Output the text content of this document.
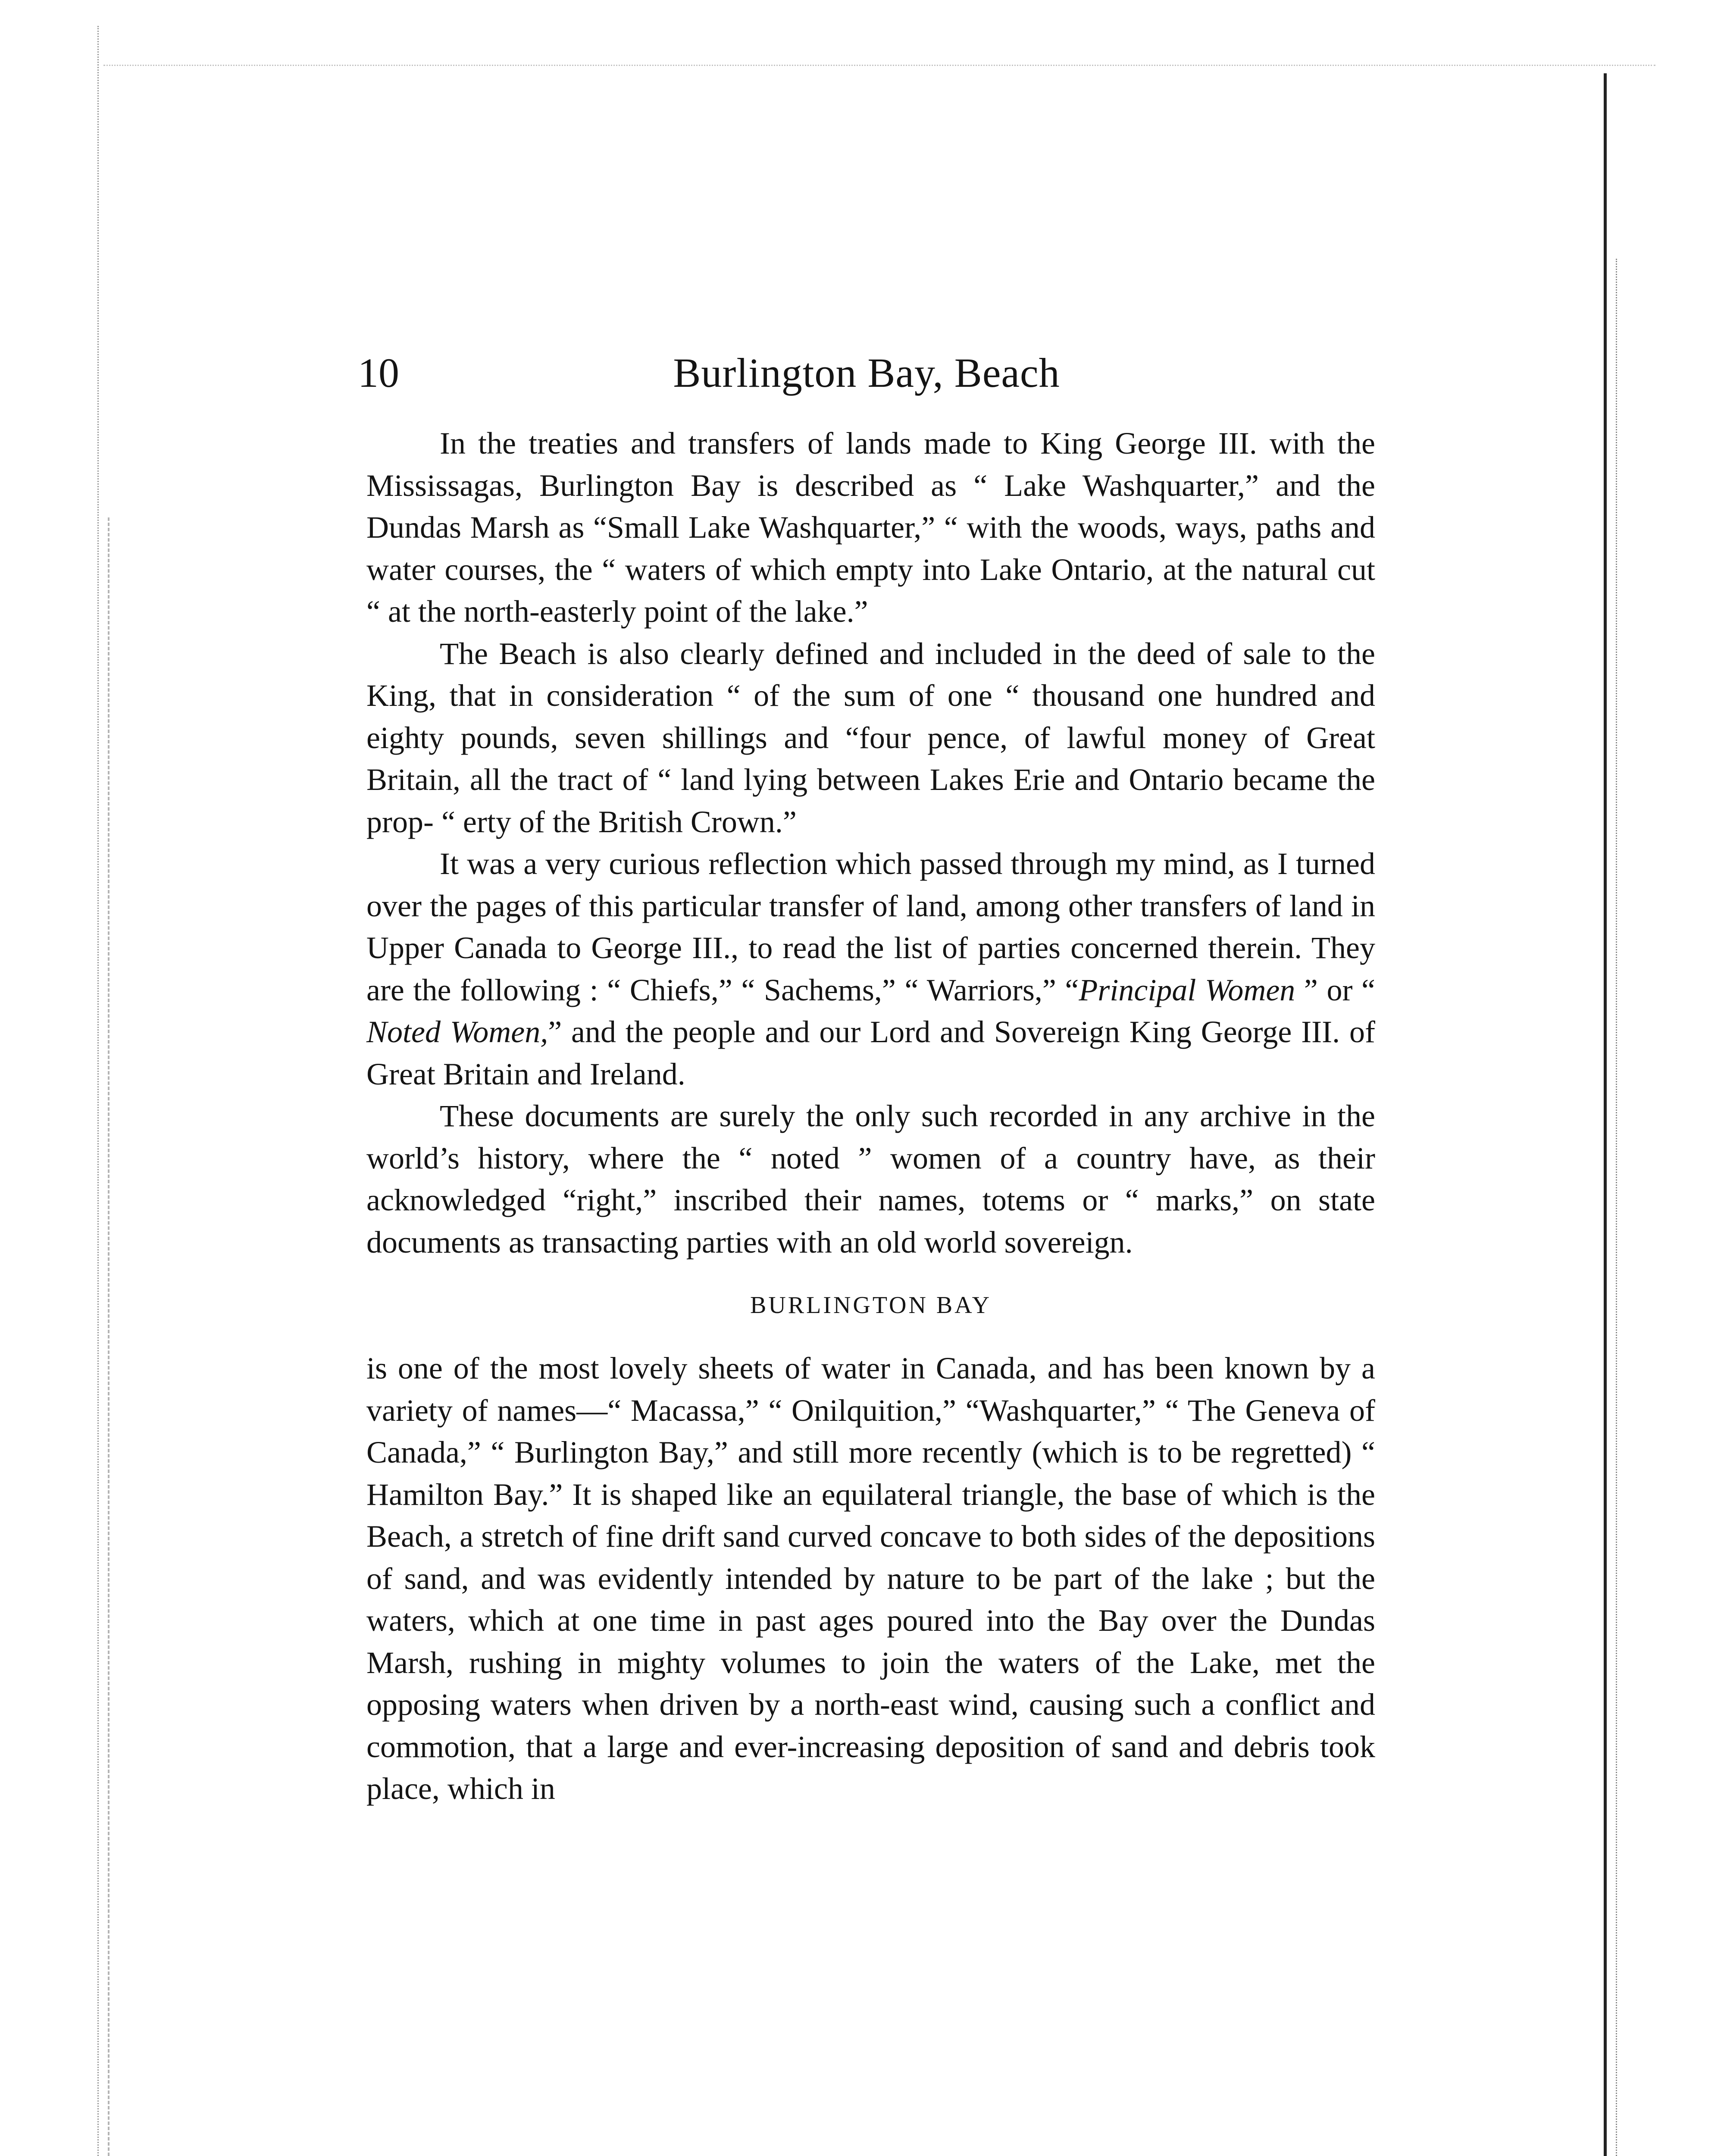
10	Burlington Bay, Beach

In the treaties and transfers of lands made to King George III. with the Mississagas, Burlington Bay is described as “ Lake Washquarter,” and the Dundas Marsh as “Small Lake Washquarter,” “ with the woods, ways, paths and water courses, the “ waters of which empty into Lake Ontario, at the natural cut “ at the north-easterly point of the lake.”

The Beach is also clearly defined and included in the deed of sale to the King, that in consideration “ of the sum of one “ thousand one hundred and eighty pounds, seven shillings and “four pence, of lawful money of Great Britain, all the tract of “ land lying between Lakes Erie and Ontario became the prop- “ erty of the British Crown.”

It was a very curious reflection which passed through my mind, as I turned over the pages of this particular transfer of land, among other transfers of land in Upper Canada to George III., to read the list of parties concerned therein. They are the following : “ Chiefs,” “ Sachems,” “ Warriors,” “Principal Women ” or “ Noted Women,” and the people and our Lord and Sovereign King George III. of Great Britain and Ireland.

These documents are surely the only such recorded in any archive in the world’s history, where the “ noted ” women of a country have, as their acknowledged “right,” inscribed their names, totems or “ marks,” on state documents as transacting parties with an old world sovereign.

BURLINGTON BAY

is one of the most lovely sheets of water in Canada, and has been known by a variety of names—“ Macassa,” “ Onilquition,” “Washquarter,” “ The Geneva of Canada,” “ Burlington Bay,” and still more recently (which is to be regretted) “ Hamilton Bay.” It is shaped like an equilateral triangle, the base of which is the Beach, a stretch of fine drift sand curved concave to both sides of the depositions of sand, and was evidently intended by nature to be part of the lake ; but the waters, which at one time in past ages poured into the Bay over the Dundas Marsh, rushing in mighty volumes to join the waters of the Lake, met the opposing waters when driven by a north-east wind, causing such a conflict and commotion, that a large and ever-increasing deposition of sand and debris took place, which in
